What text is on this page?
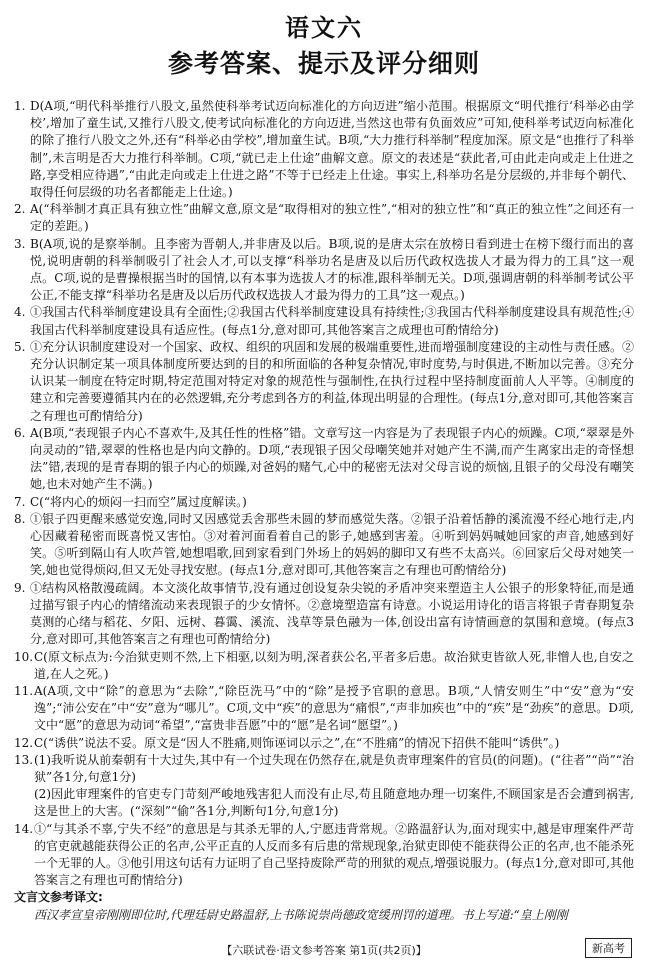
语文六
参考答案、提示及评分细则
1. D(A项,“明代科举推行八股文,虽然使科举考试迈向标准化的方向迈进”缩小范围。根据原文“明代推行‘科举必由学校’,增加了童生试,又推行八股文,使考试向标准化的方向迈进,当然这也带有负面效应”可知,使科举考试迈向标准化的除了推行八股文之外,还有“科举必由学校”,增加童生试。B项,“大力推行科举制”程度加深。原文是“也推行了科举制”,未言明是否大力推行科举制。C项,“就已走上仕途”曲解文意。原文的表述是“获此者,可由此走向或走上仕进之路,享受相应待遇”,“由此走向或走上仕进之路”不等于已经走上仕途。事实上,科举功名是分层级的,并非每个朝代、取得任何层级的功名者都能走上仕途。)
2. A(“科举制才真正具有独立性”曲解文意,原文是“取得相对的独立性”,“相对的独立性”和“真正的独立性”之间还有一定的差距。)
3. B(A项,说的是察举制。且李密为晋朝人,并非唐及以后。B项,说的是唐太宗在放榜日看到进士在榜下缀行而出的喜悦,说明唐朝的科举制吸引了社会人才,可以支撑“科举功名是唐及以后历代政权选拔人才最为得力的工具”这一观点。C项,说的是曹操根据当时的国情,以有本事为选拔人才的标准,跟科举制无关。D项,强调唐朝的科举制考试公平公正,不能支撑“科举功名是唐及以后历代政权选拔人才最为得力的工具”这一观点。)
4. ①我国古代科举制度建设具有全面性;②我国古代科举制度建设具有持续性;③我国古代科举制度建设具有规范性;④我国古代科举制度建设具有适应性。(每点1分,意对即可,其他答案言之成理也可酌情给分)
5. ①充分认识制度建设对一个国家、政权、组织的巩固和发展的极端重要性,进而增强制度建设的主动性与责任感。②充分认识制定某一项具体制度所要达到的目的和所面临的各种复杂情况,审时度势,与时俱进,不断加以完善。③充分认识某一制度在特定时期,特定范围对特定对象的规范性与强制性,在执行过程中坚持制度面前人人平等。④制度的建立和完善要遵循其内在的必然逻辑,充分考虑到各方的利益,体现出明显的合理性。(每点1分,意对即可,其他答案言之有理也可酌情给分)
6. A(B项,“表现银子内心不喜欢牛,及其任性的性格”错。文章写这一内容是为了表现银子内心的烦躁。C项,“翠翠是外向灵动的”错,翠翠的性格也是内向文静的。D项,“表现银子因父母嘲笑她并对她产生不满,而产生离家出走的奇怪想法”错,表现的是青春期的银子内心的烦躁,对爸妈的赌气,心中的秘密无法对父母言说的烦恼,且银子的父母没有嘲笑她,也未对她产生不满。)
7. C(“将内心的烦闷一扫而空”属过度解读。)
8. ①银子四更醒来感觉安逸,同时又因感觉丢舍那些未圆的梦而感觉失落。②银子沿着恬静的溪流漫不经心地行走,内心因藏着秘密而既喜悦又害怕。③对着河面看着自己的影子,她感到害羞。④听到妈妈喊她回家的声音,她感到好笑。⑤听到隔山有人吹芦管,她想唱歌,回到家看到门外场上的妈妈的脚印又有些不太高兴。⑥回家后父母对她笑一笑,她也觉得烦闷,但又无处寻找安慰。(每点1分,意对即可,其他答案言之有理也可酌情给分)
9. ①结构风格散漫疏阔。本文淡化故事情节,没有通过创设复杂尖锐的矛盾冲突来塑造主人公银子的形象特征,而是通过描写银子内心的情绪流动来表现银子的少女情怀。②意境塑造富有诗意。小说运用诗化的语言将银子青春期复杂莫测的心绪与稻花、夕阳、远树、暮霭、溪流、浅草等景色融为一体,创设出富有诗情画意的氛围和意境。(每点3分,意对即可,其他答案言之有理也可酌情给分)
10. C(原文标点为:今治狱吏则不然,上下相驱,以刻为明,深者获公名,平者多后患。故治狱吏皆欲人死,非憎人也,自安之道,在人之死。)
11. A(A项,文中“除”的意思为“去除”,“除臣洗马”中的“除”是授予官职的意思。B项,“人情安则生”中“安”意为“安逸”;“沛公安在”中“安”意为“哪儿”。C项,文中“疾”的意思为“痛恨”,“声非加疾也”中的“疾”是“劲疾”的意思。D项,文中“愿”的意思为动词“希望”,“富贵非吾愿”中的“愿”是名词“愿望”。)
12. C(“诱供”说法不妥。原文是“因人不胜痛,则饰诬词以示之”,在“不胜痛”的情况下招供不能叫“诱供”。)
13. (1)我听说从前秦朝有十大过失,其中有一个过失现在仍然存在,就是负责审理案件的官员(的问题)。(“往者”“尚”“治狱”各1分,句意1分)
(2)因此审理案件的官吏专门苛刻严峻地残害犯人而没有止尽,苟且随意地办理一切案件,不顾国家是否会遭到祸害,这是世上的大害。(“深刻”“偷”各1分,判断句1分,句意1分)
14. ①“与其杀不辜,宁失不经”的意思是与其杀无罪的人,宁愿违背常规。②路温舒认为,面对现实中,越是审理案件严苛的官吏就越能获得公正的名声,公平正直的人反而多有后患的常规现象,治狱吏即使不能获得公正的名声,也不能杀死一个无罪的人。③他引用这句话有力证明了自己坚持废除严苛的刑狱的观点,增强说服力。(每点1分,意对即可,其他答案言之有理也可酌情给分)
文言文参考译文:
西汉孝宣皇帝刚刚即位时,代理廷尉史路温舒,上书陈说崇尚德政宽缓刑罚的道理。书上写道:“皇上刚刚
【六联试卷·语文参考答案 第1页(共2页)】	新高考
